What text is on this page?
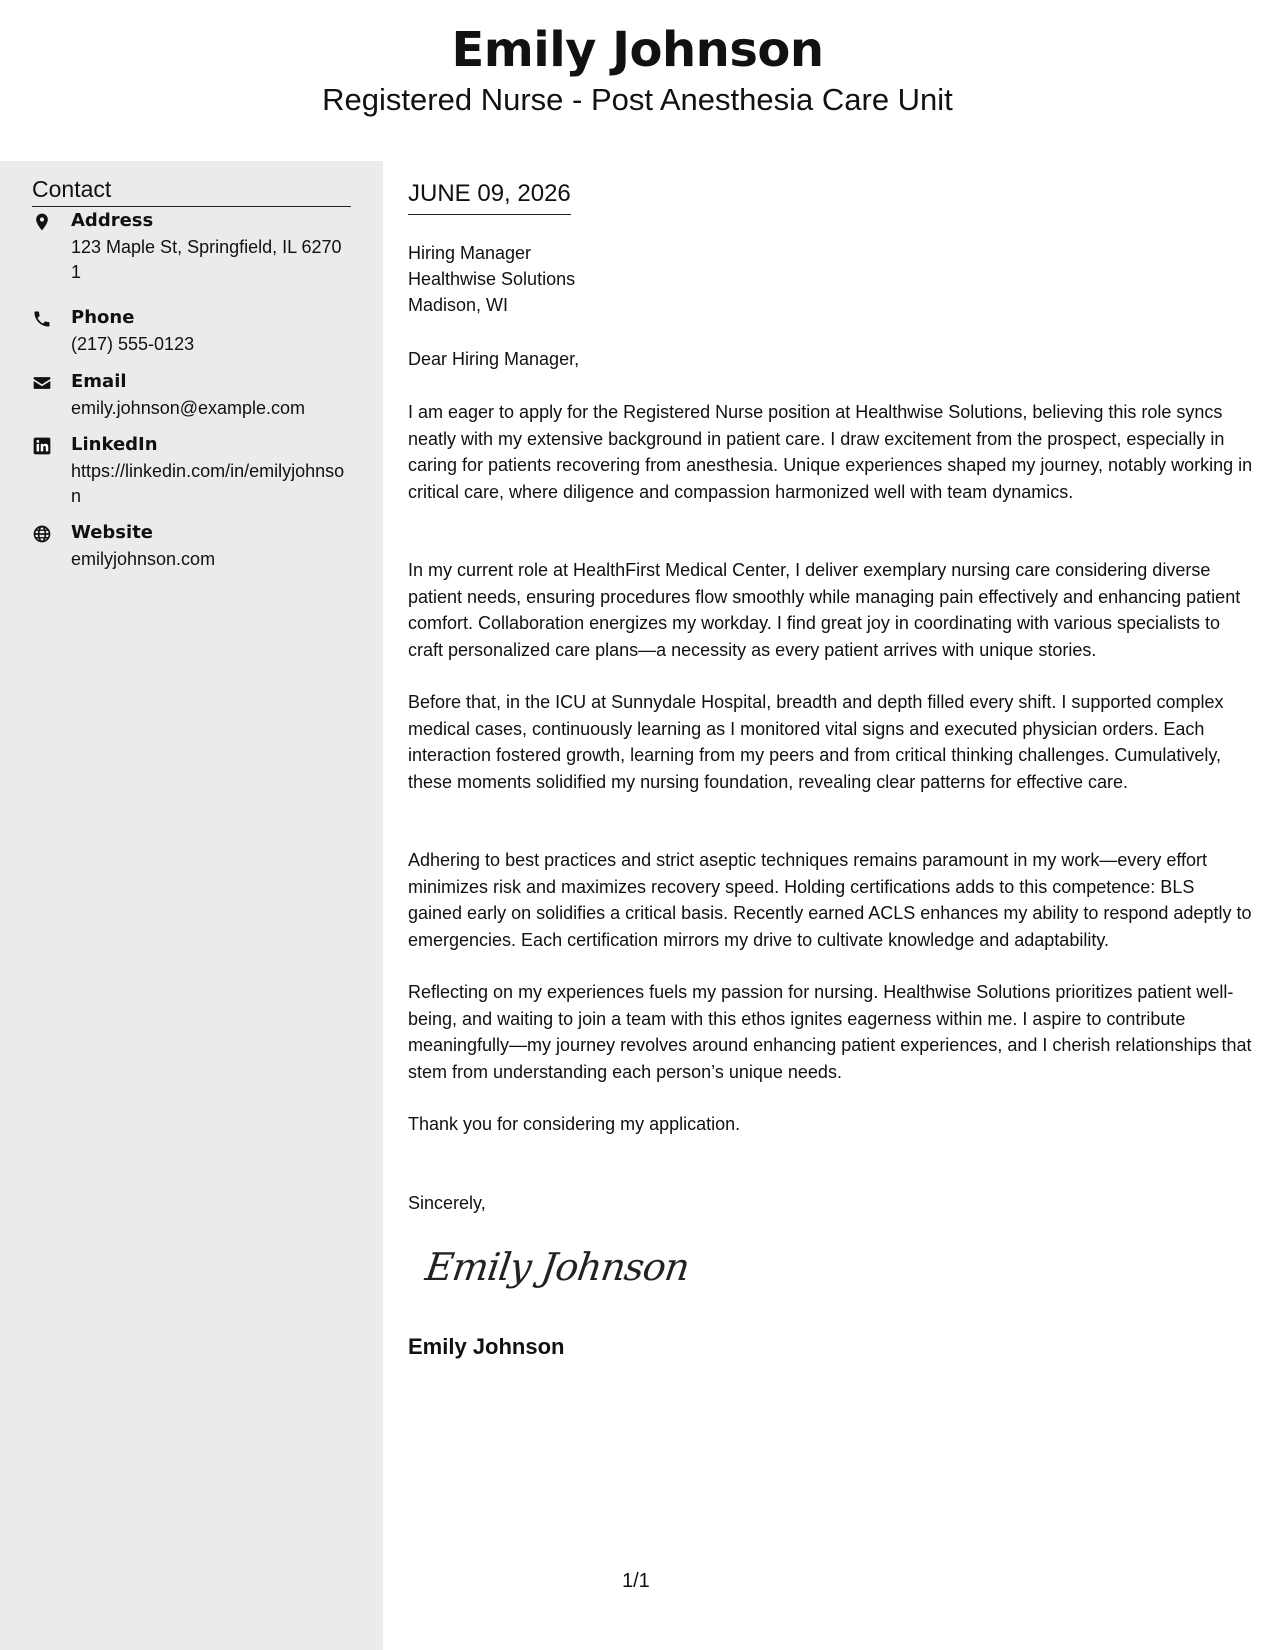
Emily Johnson
Registered Nurse - Post Anesthesia Care Unit
Contact
Address
123 Maple St, Springfield, IL 62701
Phone
(217) 555-0123
Email
emily.johnson@example.com
LinkedIn
https://linkedin.com/in/emilyjohnson
Website
emilyjohnson.com
JUNE 09, 2026
Hiring Manager
Healthwise Solutions
Madison, WI
Dear Hiring Manager,
I am eager to apply for the Registered Nurse position at Healthwise Solutions, believing this role syncs neatly with my extensive background in patient care. I draw excitement from the prospect, especially in caring for patients recovering from anesthesia. Unique experiences shaped my journey, notably working in critical care, where diligence and compassion harmonized well with team dynamics.
In my current role at HealthFirst Medical Center, I deliver exemplary nursing care considering diverse patient needs, ensuring procedures flow smoothly while managing pain effectively and enhancing patient comfort. Collaboration energizes my workday. I find great joy in coordinating with various specialists to craft personalized care plans—a necessity as every patient arrives with unique stories.
Before that, in the ICU at Sunnydale Hospital, breadth and depth filled every shift. I supported complex medical cases, continuously learning as I monitored vital signs and executed physician orders. Each interaction fostered growth, learning from my peers and from critical thinking challenges. Cumulatively, these moments solidified my nursing foundation, revealing clear patterns for effective care.
Adhering to best practices and strict aseptic techniques remains paramount in my work—every effort minimizes risk and maximizes recovery speed. Holding certifications adds to this competence: BLS gained early on solidifies a critical basis. Recently earned ACLS enhances my ability to respond adeptly to emergencies. Each certification mirrors my drive to cultivate knowledge and adaptability.
Reflecting on my experiences fuels my passion for nursing. Healthwise Solutions prioritizes patient well-being, and waiting to join a team with this ethos ignites eagerness within me. I aspire to contribute meaningfully—my journey revolves around enhancing patient experiences, and I cherish relationships that stem from understanding each person’s unique needs.
Thank you for considering my application.
Sincerely,
Emily Johnson
Emily Johnson
1/1
